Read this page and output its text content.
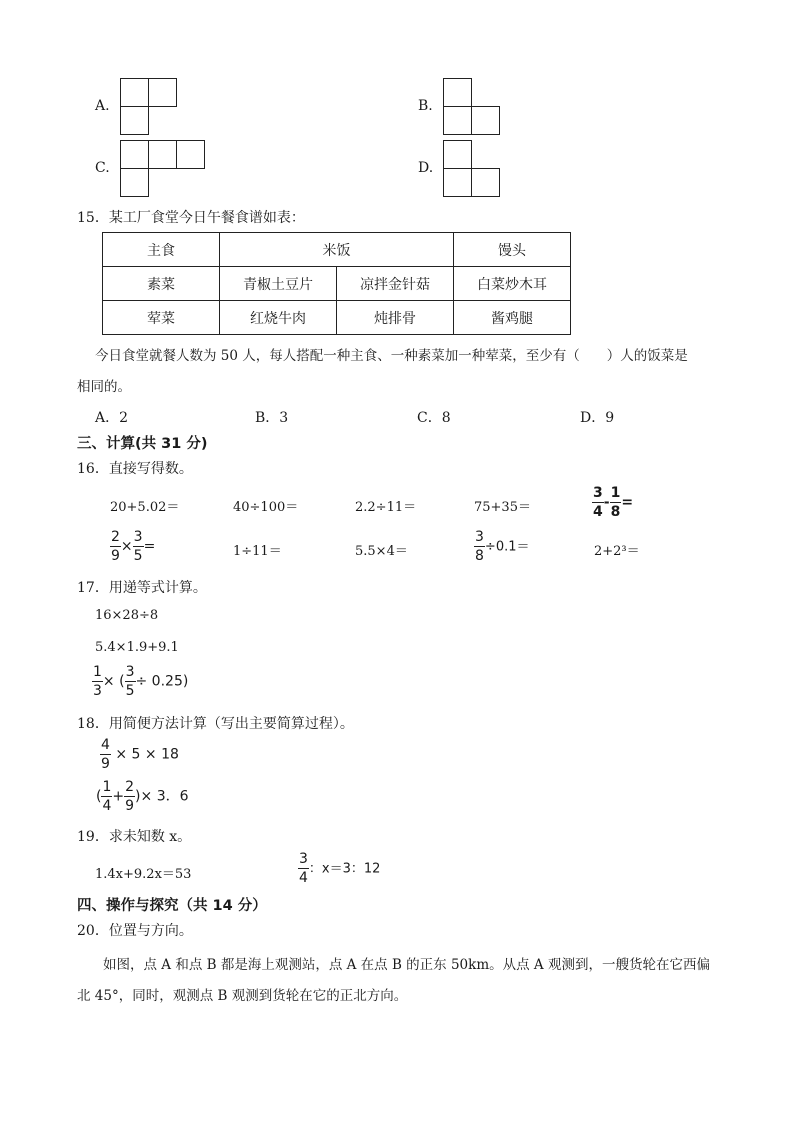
A.	B.
C.	D.
15．某工厂食堂今日午餐食谱如表：
主食	米饭		馒头
素菜	青椒土豆片	凉拌金针菇	白菜炒木耳
荤菜	红烧牛肉	炖排骨	酱鸡腿
今日食堂就餐人数为 50 人，每人搭配一种主食、一种素菜加一种荤菜，至少有（　　）人的饭菜是
相同的。
A．2	B．3	C．8	D．9
三、计算(共 31 分)
16．直接写得数。
20+5.02＝	40÷100＝	2.2÷11＝	75+35＝	$\frac{3}{4} - \frac{1}{8}$ =
$\frac{2}{9} \times \frac{3}{5}$ =	1÷11＝	5.5×4＝	$\frac{3}{8} \div 0.1=$	2+2³＝
17．用递等式计算。
16×28÷8
5.4×1.9+9.1
$\frac{1}{3}$ × ( $\frac{3}{5} \div 0.25$)
18．用简便方法计算（写出主要简算过程）。
$\frac{4}{9} \times 5 \times 18$
( $\frac{1}{4} + \frac{2}{9}$ )× 3．6
19．求未知数 x。
1.4x+9.2x＝53	$\frac{3}{4}$ ：x＝3：12
四、操作与探究（共 14 分）
20．位置与方向。
如图，点 A 和点 B 都是海上观测站，点 A 在点 B 的正东 50km。从点 A 观测到，一艘货轮在它西偏
北 45°，同时，观测点 B 观测到货轮在它的正北方向。
